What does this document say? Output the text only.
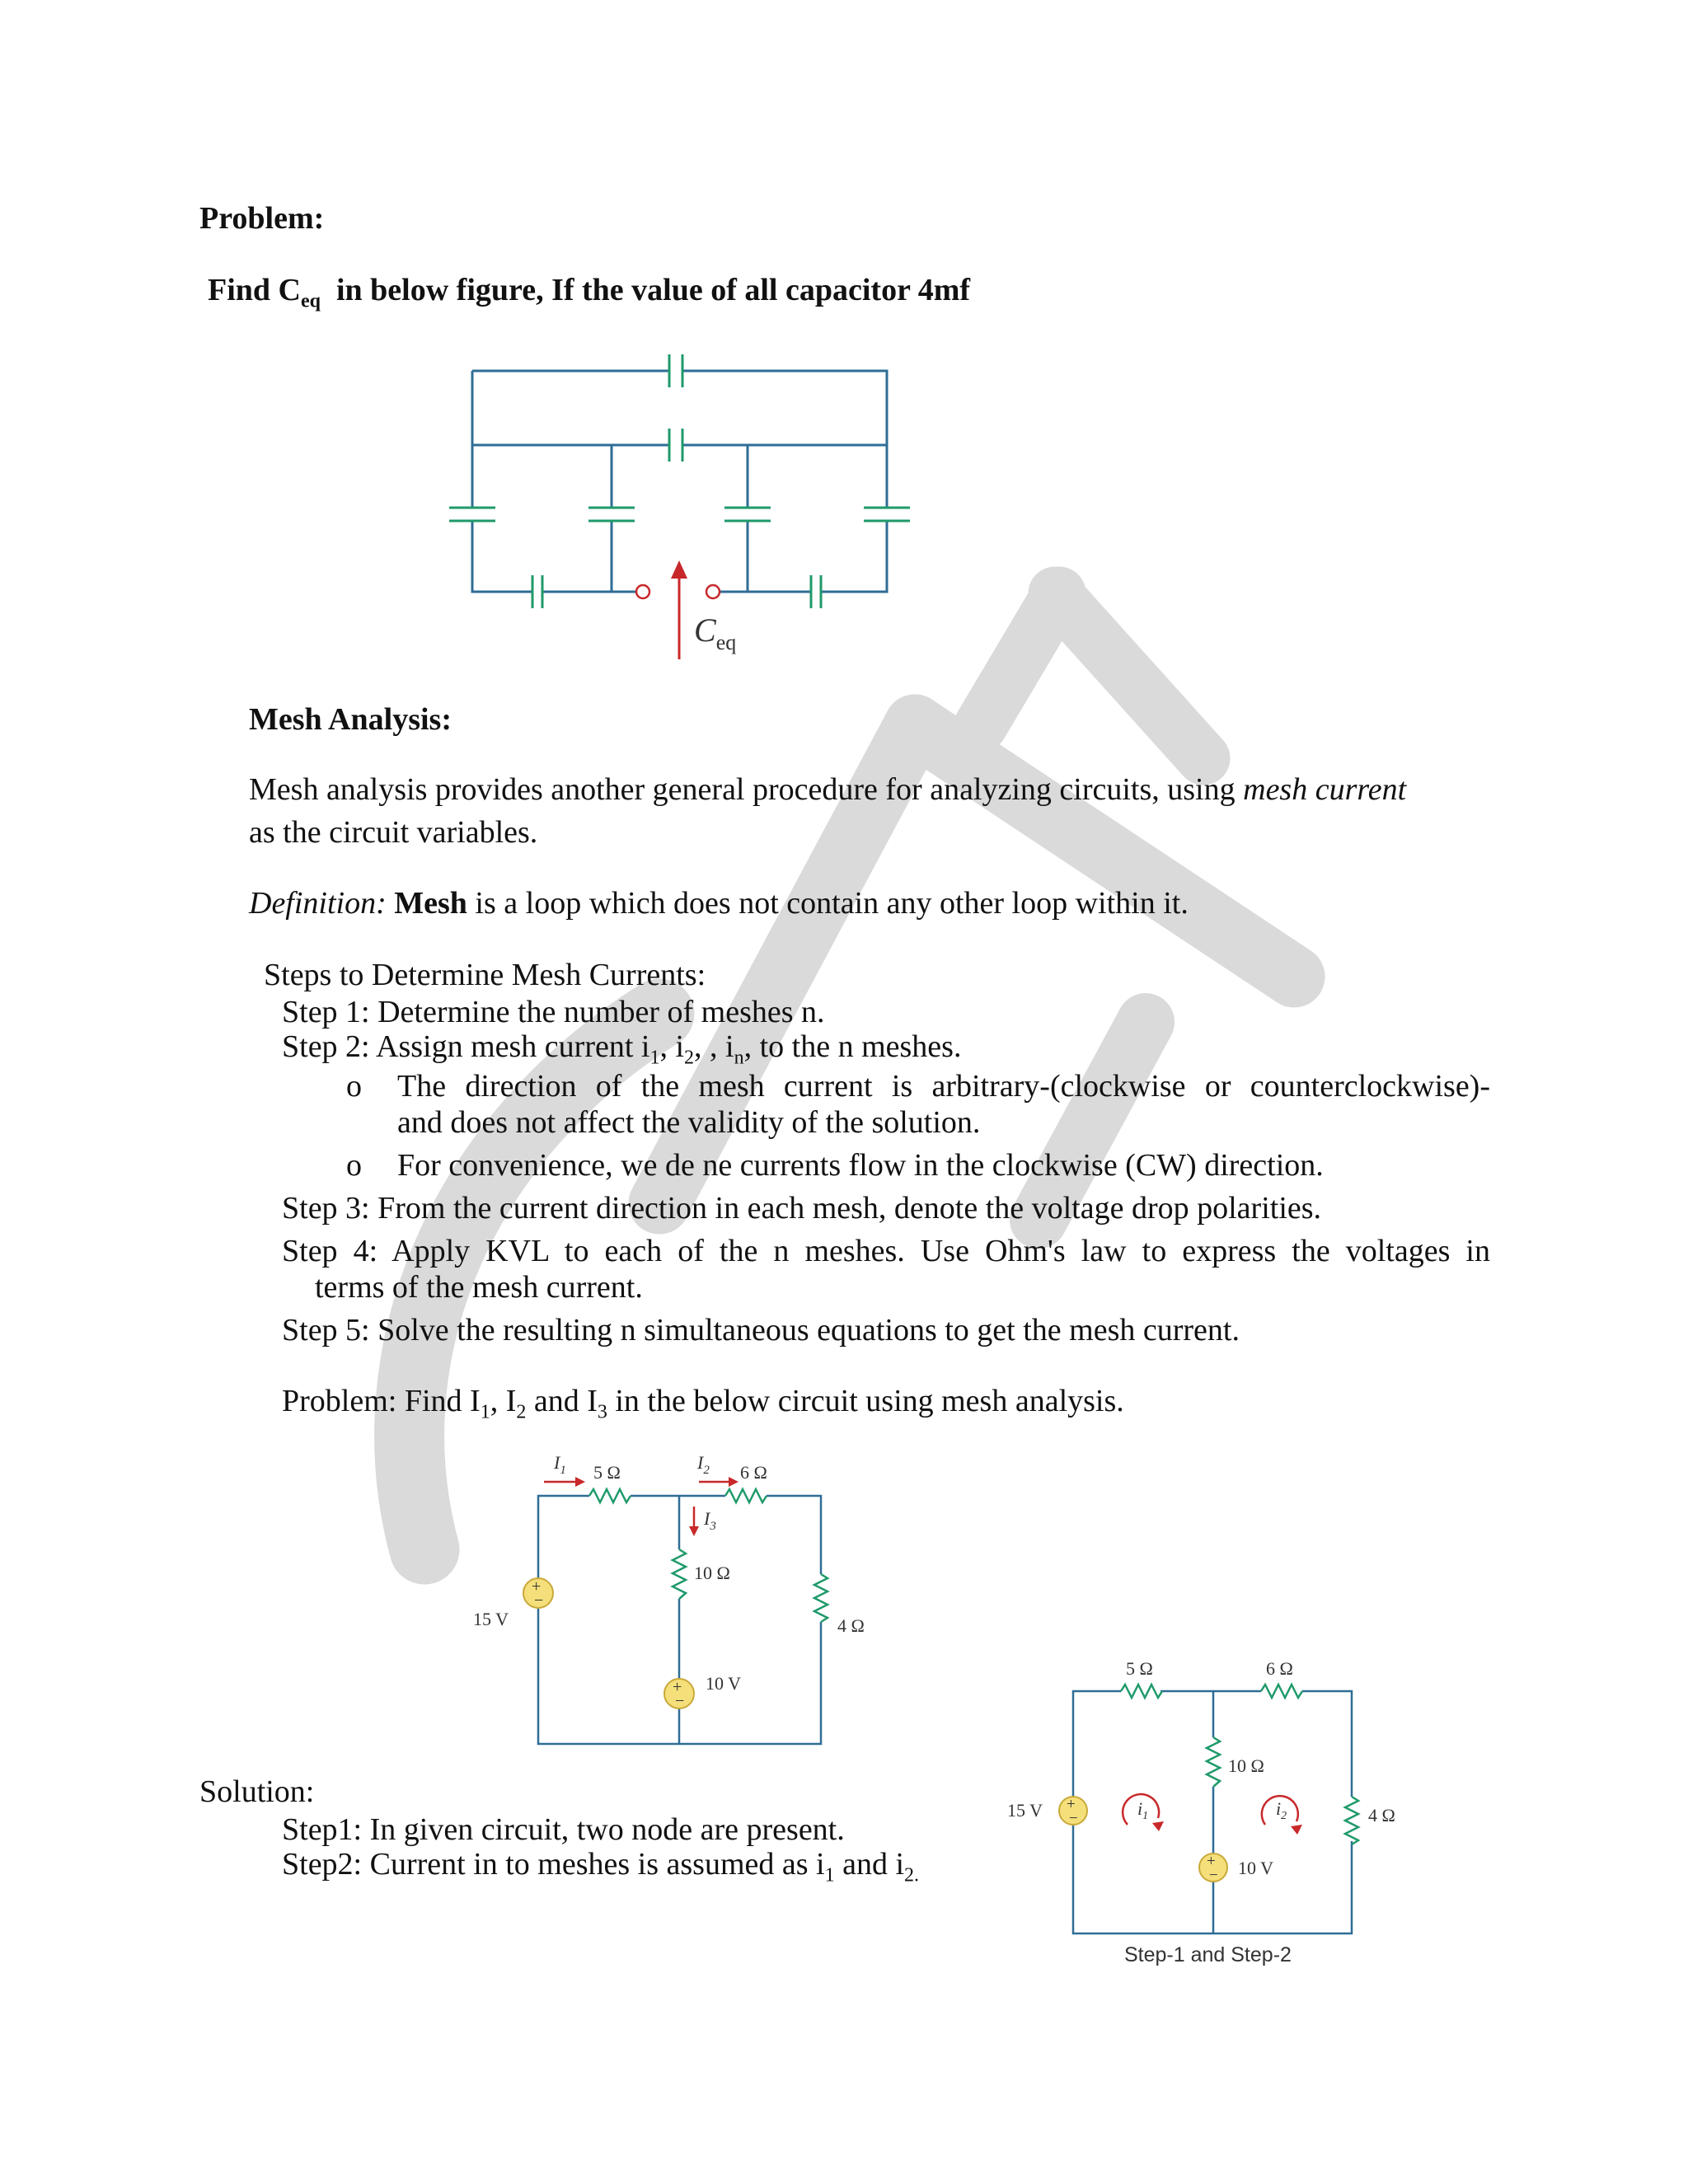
Problem:
Find $C_{eq}$ in below figure, If the value of all capacitor 4mf
$C_{eq}$
Mesh Analysis:
Mesh analysis provides another general procedure for analyzing circuits, using mesh current
as the circuit variables.
Definition: Mesh is a loop which does not contain any other loop within it.
Steps to Determine Mesh Currents:
Step 1: Determine the number of meshes n.
Step 2: Assign mesh current $i_1$, $i_2$, , $i_n$, to the n meshes.
o The direction of the mesh current is arbitrary-(clockwise or counterclockwise)-
and does not affect the validity of the solution.
o For convenience, we de ne currents flow in the clockwise (CW) direction.
Step 3: From the current direction in each mesh, denote the voltage drop polarities.
Step 4: Apply KVL to each of the n meshes. Use Ohm's law to express the voltages in
terms of the mesh current.
Step 5: Solve the resulting n simultaneous equations to get the mesh current.
Problem: Find $I_1$, $I_2$ and $I_3$ in the below circuit using mesh analysis.
+
−
+
−
$I_1$ 5 Ω	$I_2$ 6 Ω
$I_3$
10 Ω
4 Ω
15 V
10 V
Solution:
Step1: In given circuit, two node are present.
Step2: Current in to meshes is assumed as $i_1$ and $i_{2.}$
+
−
+
−
$i_1$	$i_2$
5 Ω	6 Ω
10 Ω
4 Ω
15 V
10 V
Step-1 and Step-2
